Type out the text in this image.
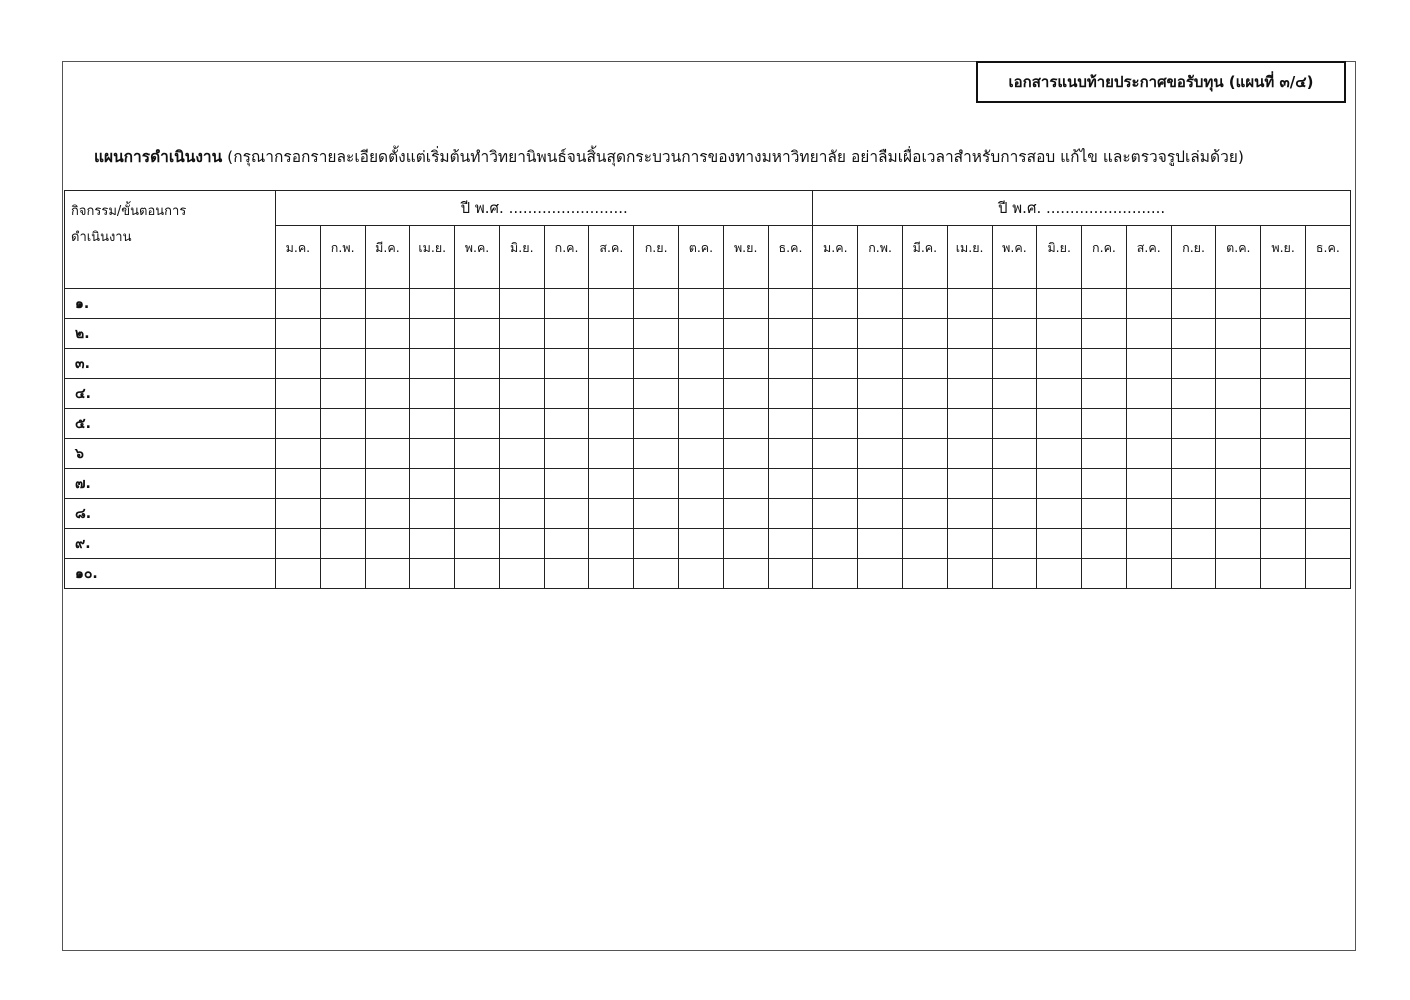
เอกสารแนบท้ายประกาศขอรับทุน (แผนที่ ๓/๔)
แผนการดำเนินงาน (กรุณากรอกรายละเอียดตั้งแต่เริ่มต้นทำวิทยานิพนธ์จนสิ้นสุดกระบวนการของทางมหาวิทยาลัย อย่าลืมเผื่อเวลาสำหรับการสอบ แก้ไข และตรวจรูปเล่มด้วย)
กิจกรรม/ขั้นตอนการ
ดำเนินงาน	ปี พ.ศ. .........................												ปี พ.ศ. .........................											
	ม.ค.	ก.พ.	มี.ค.	เม.ย.	พ.ค.	มิ.ย.	ก.ค.	ส.ค.	ก.ย.	ต.ค.	พ.ย.	ธ.ค.	ม.ค.	ก.พ.	มี.ค.	เม.ย.	พ.ค.	มิ.ย.	ก.ค.	ส.ค.	ก.ย.	ต.ค.	พ.ย.	ธ.ค.
๑.																								
๒.																								
๓.																								
๔.																								
๕.																								
๖																								
๗.																								
๘.																								
๙.																								
๑๐.																								
